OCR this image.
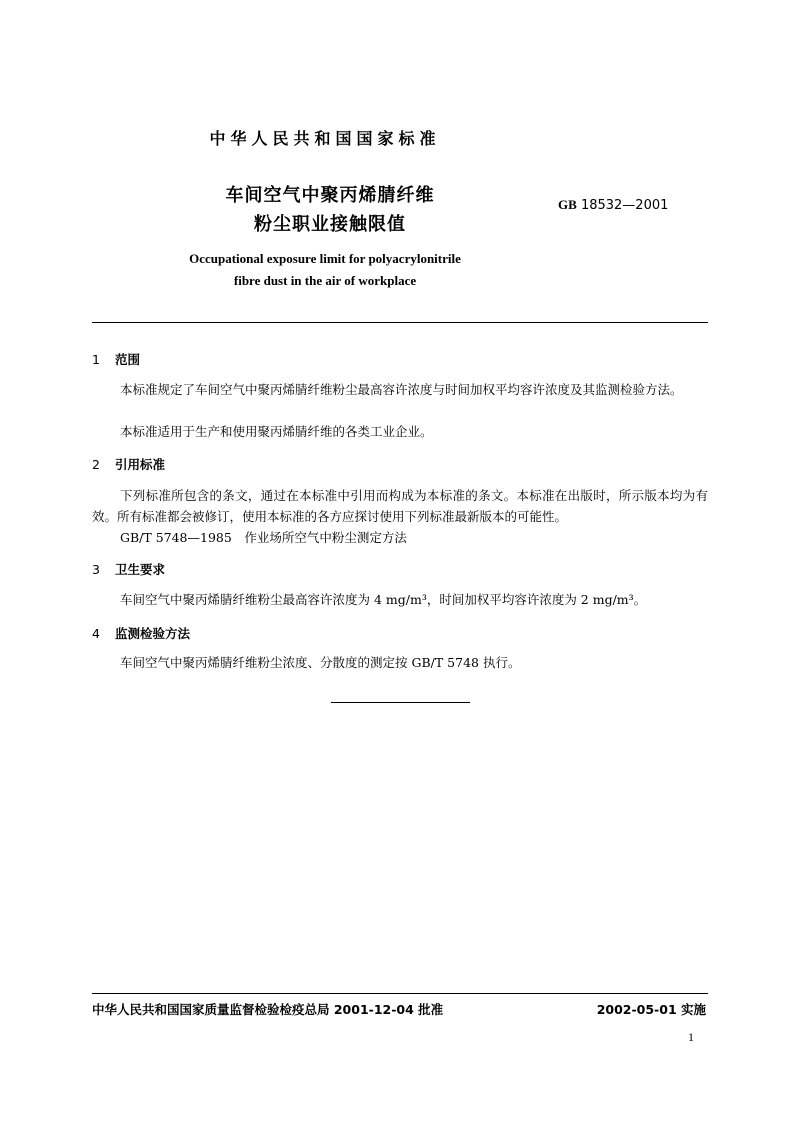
中华人民共和国国家标准
车间空气中聚丙烯腈纤维
粉尘职业接触限值
GB 18532—2001
Occupational exposure limit for polyacrylonitrile
fibre dust in the air of workplace
1 范围
本标准规定了车间空气中聚丙烯腈纤维粉尘最高容许浓度与时间加权平均容许浓度及其监测检验方法。
本标准适用于生产和使用聚丙烯腈纤维的各类工业企业。
2 引用标准
下列标准所包含的条文，通过在本标准中引用而构成为本标准的条文。本标准在出版时，所示版本均为有效。所有标准都会被修订，使用本标准的各方应探讨使用下列标准最新版本的可能性。
GB/T 5748—1985　作业场所空气中粉尘测定方法
3 卫生要求
车间空气中聚丙烯腈纤维粉尘最高容许浓度为 4 mg/m³，时间加权平均容许浓度为 2 mg/m³。
4 监测检验方法
车间空气中聚丙烯腈纤维粉尘浓度、分散度的测定按 GB/T 5748 执行。
中华人民共和国国家质量监督检验检疫总局 2001-12-04 批准	2002-05-01 实施
1
